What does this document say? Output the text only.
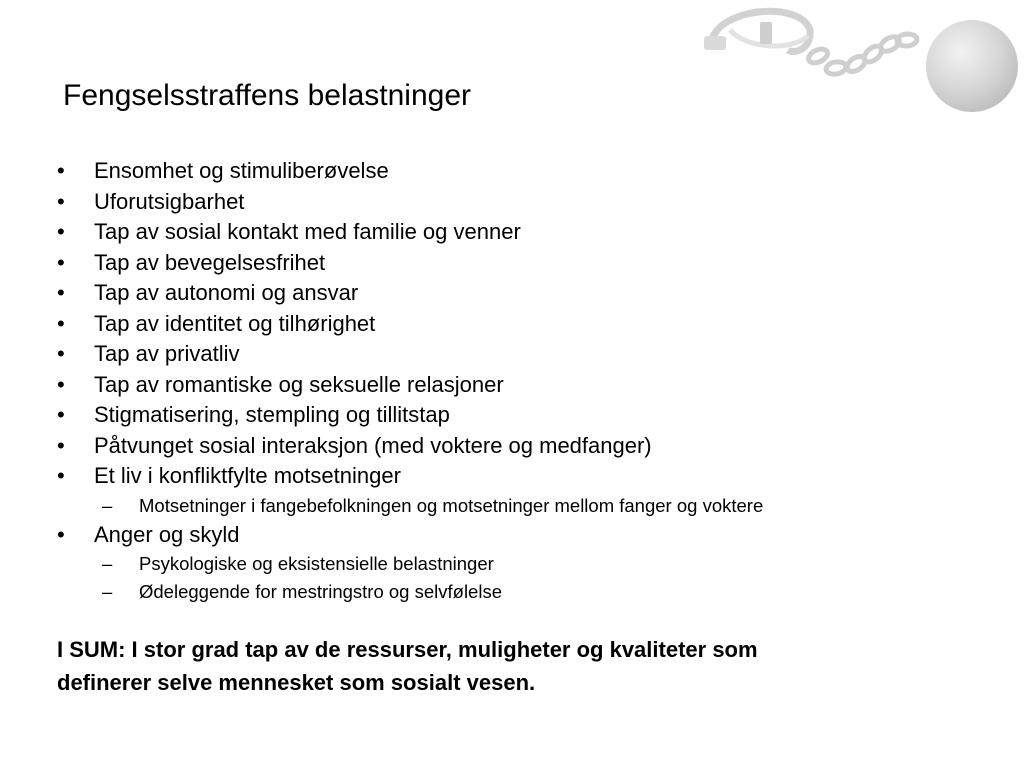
Fengselsstraffens belastninger
•	Ensomhet og stimuliberøvelse
•	Uforutsigbarhet
•	Tap av sosial kontakt med familie og venner
•	Tap av bevegelsesfrihet
•	Tap av autonomi og ansvar
•	Tap av identitet og tilhørighet
•	Tap av privatliv
•	Tap av romantiske og seksuelle relasjoner
•	Stigmatisering, stempling og tillitstap
•	Påtvunget sosial interaksjon (med voktere og medfanger)
•	Et liv i konfliktfylte motsetninger
–	Motsetninger i fangebefolkningen og motsetninger mellom fanger og voktere
•	Anger og skyld
–	Psykologiske og eksistensielle belastninger
–	Ødeleggende for mestringstro og selvfølelse

I SUM: I stor grad tap av de ressurser, muligheter og kvaliteter som
definerer selve mennesket som sosialt vesen.
